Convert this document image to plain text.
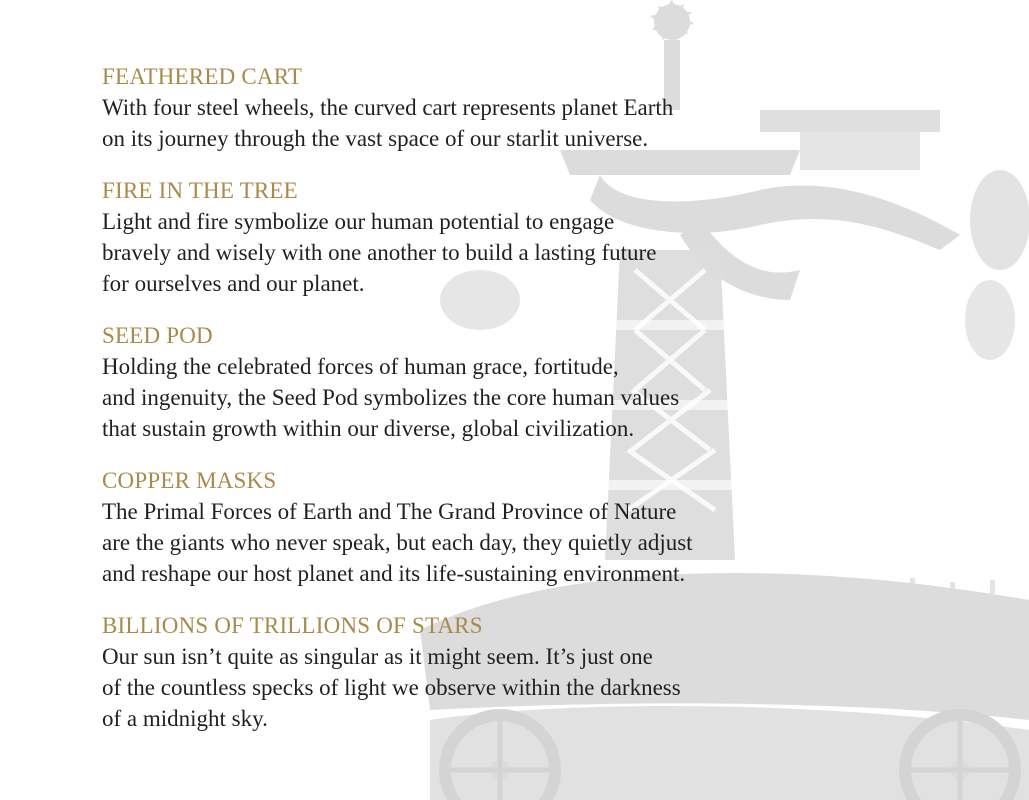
FEATHERED CART

With four steel wheels, the curved cart represents planet Earth

on its journey through the vast space of our starlit universe.

FIRE IN THE TREE

Light and fire symbolize our human potential to engage

bravely and wisely with one another to build a lasting future

for ourselves and our planet.

SEED POD

Holding the celebrated forces of human grace, fortitude,

and ingenuity, the Seed Pod symbolizes the core human values

that sustain growth within our diverse, global civilization.

COPPER MASKS

The Primal Forces of Earth and The Grand Province of Nature

are the giants who never speak, but each day, they quietly adjust

and reshape our host planet and its life-sustaining environment.

BILLIONS OF TRILLIONS OF STARS

Our sun isn’t quite as singular as it might seem. It’s just one

of the countless specks of light we observe within the darkness

of a midnight sky.
